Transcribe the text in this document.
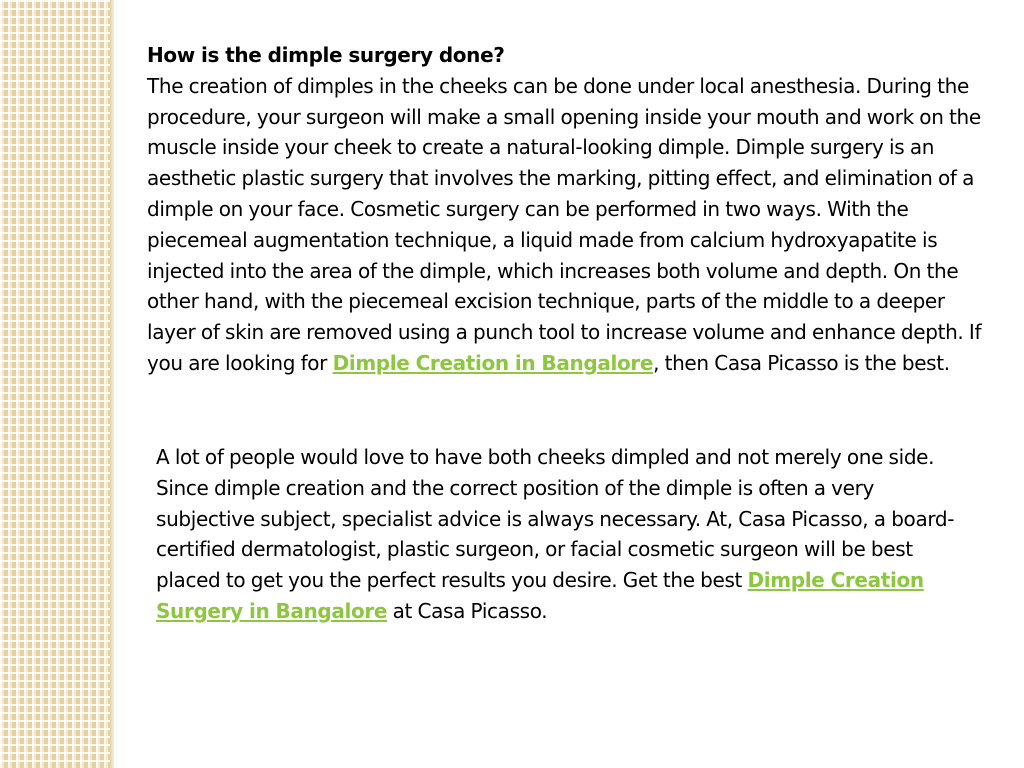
How is the dimple surgery done?
The creation of dimples in the cheeks can be done under local anesthesia. During the procedure, your surgeon will make a small opening inside your mouth and work on the muscle inside your cheek to create a natural-looking dimple. Dimple surgery is an aesthetic plastic surgery that involves the marking, pitting effect, and elimination of a dimple on your face. Cosmetic surgery can be performed in two ways. With the piecemeal augmentation technique, a liquid made from calcium hydroxyapatite is injected into the area of the dimple, which increases both volume and depth. On the other hand, with the piecemeal excision technique, parts of the middle to a deeper layer of skin are removed using a punch tool to increase volume and enhance depth. If you are looking for Dimple Creation in Bangalore, then Casa Picasso is the best.
A lot of people would love to have both cheeks dimpled and not merely one side. Since dimple creation and the correct position of the dimple is often a very subjective subject, specialist advice is always necessary. At, Casa Picasso, a board-certified dermatologist, plastic surgeon, or facial cosmetic surgeon will be best placed to get you the perfect results you desire. Get the best Dimple Creation Surgery in Bangalore at Casa Picasso.
